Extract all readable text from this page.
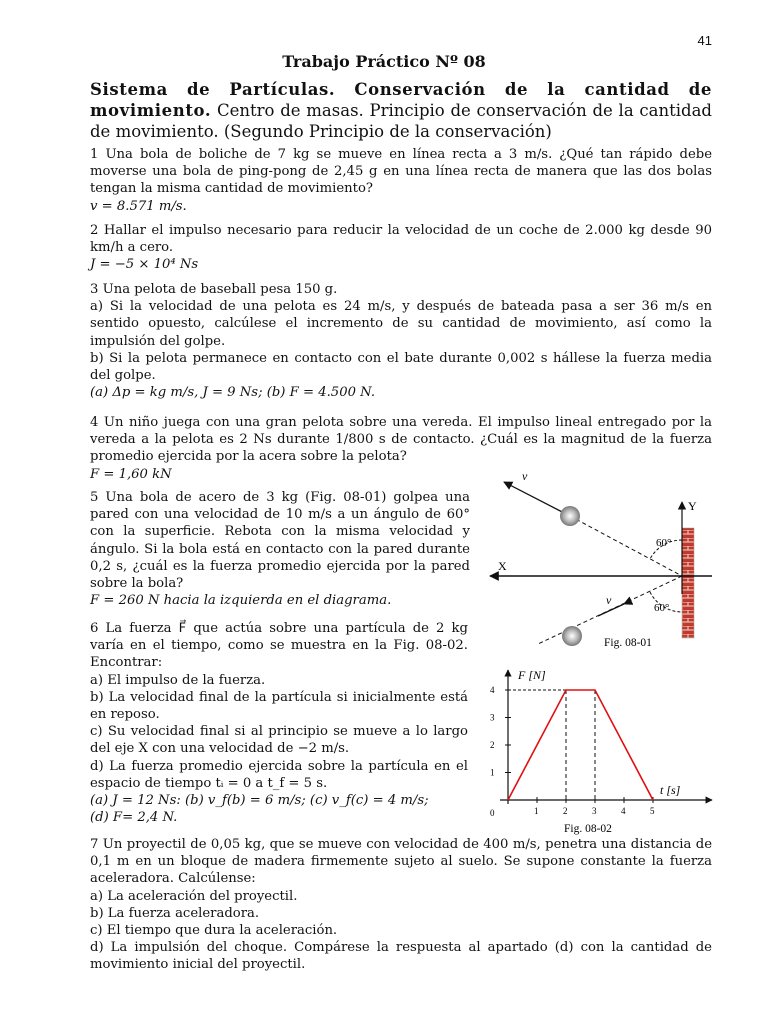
41
Trabajo Práctico Nº 08
Sistema de Partículas. Conservación de la cantidad de movimiento. Centro de masas. Principio de conservación de la cantidad de movimiento. (Segundo Principio de la conservación)

1 Una bola de boliche de 7 kg se mueve en línea recta a 3 m/s. ¿Qué tan rápido debe moverse una bola de ping-pong de 2,45 g en una línea recta de manera que las dos bolas tengan la misma cantidad de movimiento?

v = 8.571 m/s.

2 Hallar el impulso necesario para reducir la velocidad de un coche de 2.000 kg desde 90 km/h a cero.

J = −5 × 10⁴ Ns

3 Una pelota de baseball pesa 150 g.

a) Si la velocidad de una pelota es 24 m/s, y después de bateada pasa a ser 36 m/s en sentido opuesto, calcúlese el incremento de su cantidad de movimiento, así como la impulsión del golpe.

b) Si la pelota permanece en contacto con el bate durante 0,002 s hállese la fuerza media del golpe.

(a) Δp = kg m/s, J = 9 Ns; (b) F = 4.500 N.

4 Un niño juega con una gran pelota sobre una vereda. El impulso lineal entregado por la vereda a la pelota es 2 Ns durante 1/800 s de contacto. ¿Cuál es la magnitud de la fuerza promedio ejercida por la acera sobre la pelota?

F = 1,60 kN

5 Una bola de acero de 3 kg (Fig. 08-01) golpea una pared con una velocidad de 10 m/s a un ángulo de 60° con la superficie. Rebota con la misma velocidad y ángulo. Si la bola está en contacto con la pared durante 0,2 s, ¿cuál es la fuerza promedio ejercida por la pared sobre la bola?

F = 260 N hacia la izquierda en el diagrama.

6 La fuerza F⃗ que actúa sobre una partícula de 2 kg varía en el tiempo, como se muestra en la Fig. 08-02. Encontrar:

a) El impulso de la fuerza.

b) La velocidad final de la partícula si inicialmente está en reposo.

c) Su velocidad final si al principio se mueve a lo largo del eje X con una velocidad de −2 m/s.

d) La fuerza promedio ejercida sobre la partícula en el espacio de tiempo tᵢ = 0 a t_f = 5 s.

(a) J = 12 Ns: (b) v_f(b) = 6 m/s; (c) v_f(c) = 4 m/s;

(d) F= 2,4 N.

7 Un proyectil de 0,05 kg, que se mueve con velocidad de 400 m/s, penetra una distancia de 0,1 m en un bloque de madera firmemente sujeto al suelo. Se supone constante la fuerza aceleradora. Calcúlense:

a) La aceleración del proyectil.

b) La fuerza aceleradora.

c) El tiempo que dura la aceleración.

d) La impulsión del choque. Compárese la respuesta al apartado (d) con la cantidad de movimiento inicial del proyectil.

v⃗
v⃗
Y
X
60°
60°
Fig. 08-01
1	2	3	4	5
1
2
3
4
F [N]
t [s]
0
Fig. 08-02
